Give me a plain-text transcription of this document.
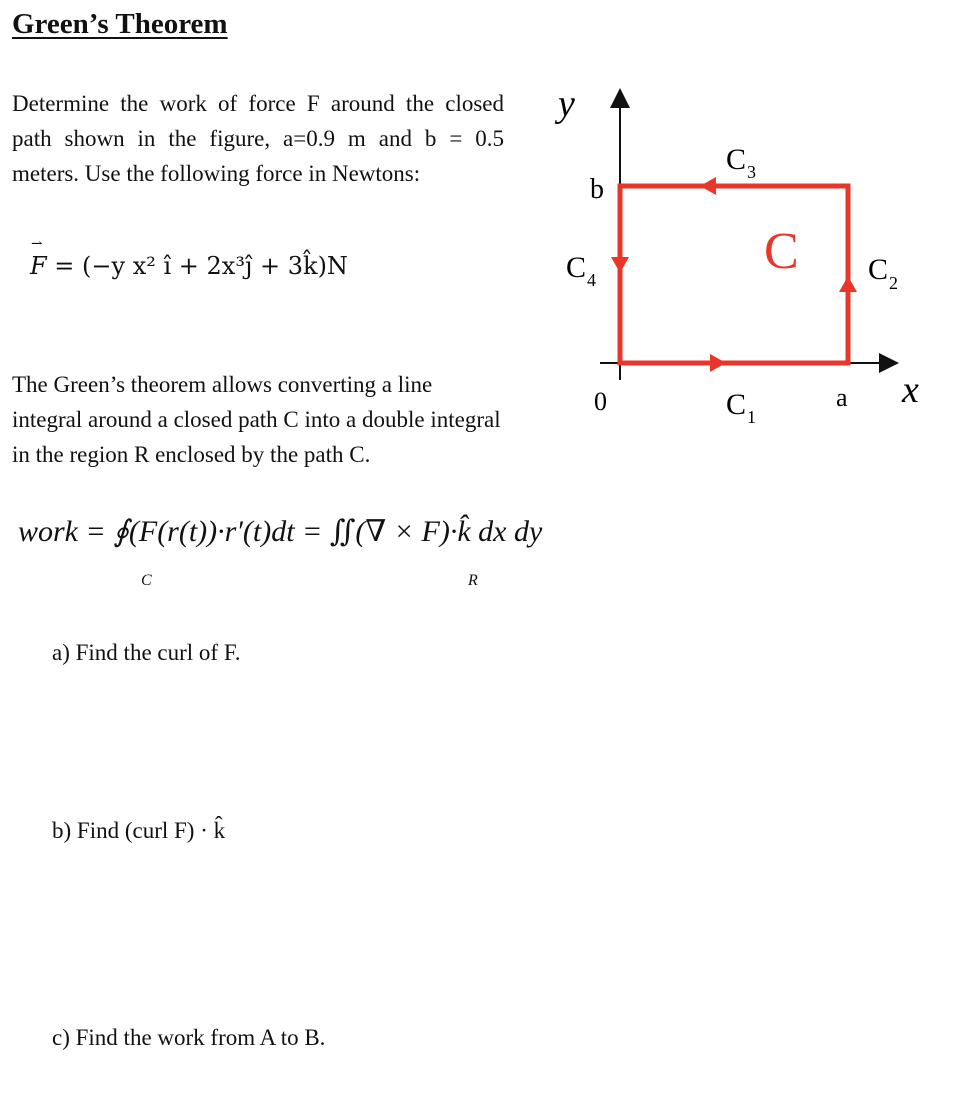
Green’s Theorem
Determine the work of force F around the closed path shown in the figure, a=0.9 m and b = 0.5 meters. Use the following force in Newtons:
⇀ F = (−y x² ı̂ + 2x³ȷ̂ + 3k̂)N
The Green’s theorem allows converting a line integral around a closed path C into a double integral in the region R enclosed by the path C.
work = ∮(F(r(t))·r′(t)dt = ∬(∇ × F)·k̂ dx dy
C	R
y
x
b
0	a
C 3
C 4	C 2
C 1
C
a) Find the curl of F.
b) Find (curl F) · k̂
c) Find the work from A to B.
